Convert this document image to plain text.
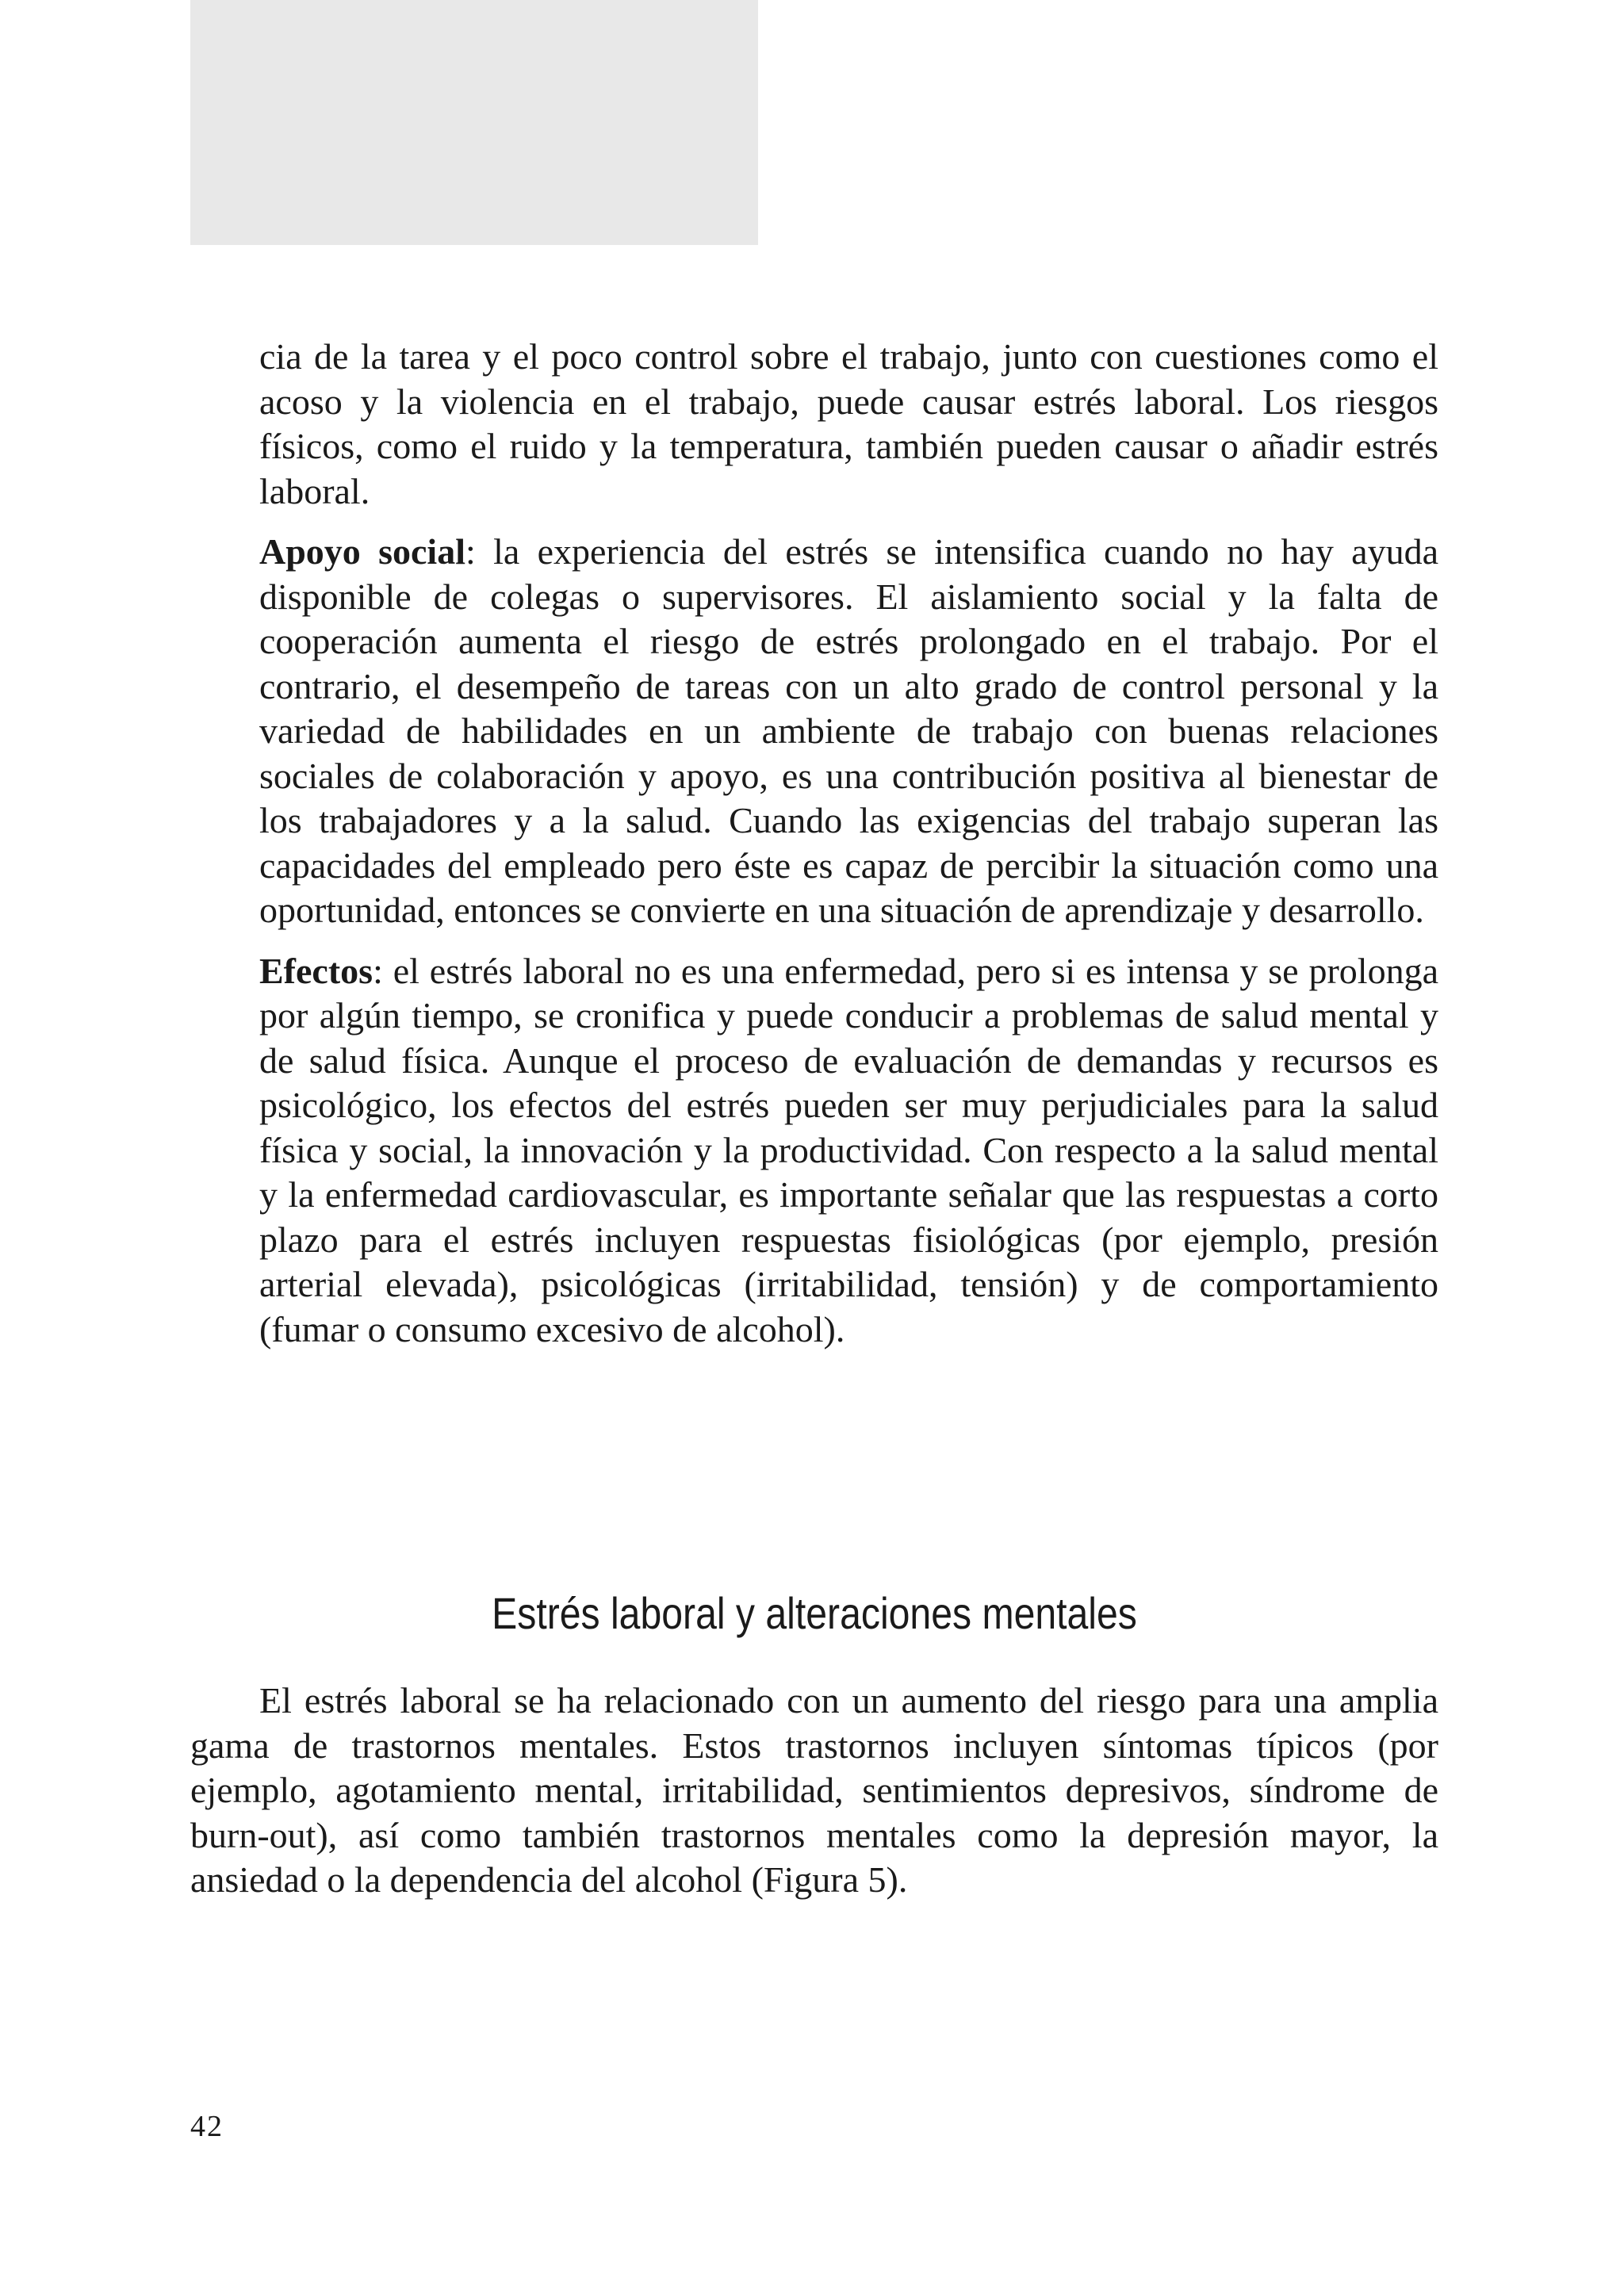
cia de la tarea y el poco control sobre el trabajo, junto con cuestiones como el acoso y la violencia en el trabajo, puede causar estrés laboral. Los riesgos físicos, como el ruido y la temperatura, también pueden causar o añadir estrés laboral.

Apoyo social: la experiencia del estrés se intensifica cuando no hay ayuda disponible de colegas o supervisores. El aislamiento social y la falta de cooperación aumenta el riesgo de estrés prolongado en el trabajo. Por el contrario, el desempeño de tareas con un alto grado de control personal y la variedad de habilidades en un ambiente de trabajo con buenas relaciones sociales de colaboración y apoyo, es una contribución positiva al bienestar de los trabajadores y a la salud. Cuando las exigencias del trabajo superan las capacidades del empleado pero éste es capaz de percibir la situación como una oportunidad, entonces se convierte en una situación de aprendizaje y desarrollo.

Efectos: el estrés laboral no es una enfermedad, pero si es intensa y se prolonga por algún tiempo, se cronifica y puede conducir a problemas de salud mental y de salud física. Aunque el proceso de evaluación de demandas y recursos es psicológico, los efectos del estrés pueden ser muy perjudiciales para la salud física y social, la innovación y la productividad. Con respecto a la salud mental y la enfermedad cardiovascular, es importante señalar que las respuestas a corto plazo para el estrés incluyen respuestas fisiológicas (por ejemplo, presión arterial elevada), psicológicas (irritabilidad, tensión) y de comportamiento (fumar o consumo excesivo de alcohol).

Estrés laboral y alteraciones mentales

El estrés laboral se ha relacionado con un aumento del riesgo para una amplia gama de trastornos mentales. Estos trastornos incluyen síntomas típicos (por ejemplo, agotamiento mental, irritabilidad, sentimientos depresivos, síndrome de burn-out), así como también trastornos mentales como la depresión mayor, la ansiedad o la dependencia del alcohol (Figura 5).

42
